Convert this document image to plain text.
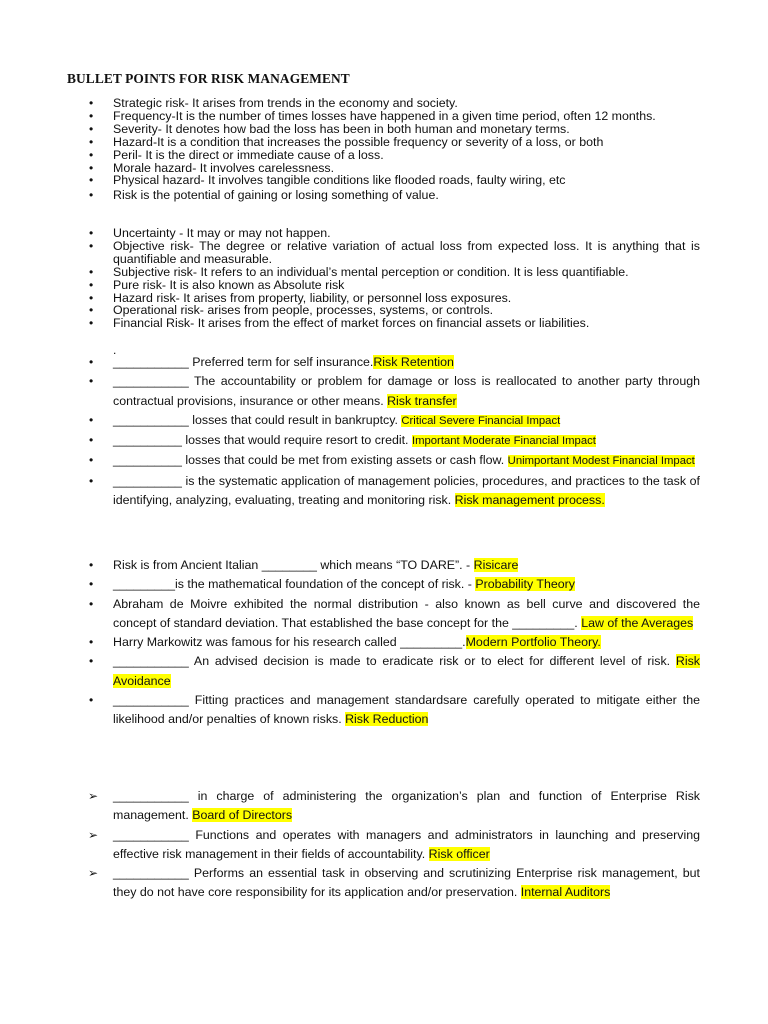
BULLET POINTS FOR RISK MANAGEMENT
• Strategic risk- It arises from trends in the economy and society.
• Frequency-It is the number of times losses have happened in a given time period, often 12 months.
• Severity- It denotes how bad the loss has been in both human and monetary terms.
• Hazard-It is a condition that increases the possible frequency or severity of a loss, or both
• Peril- It is the direct or immediate cause of a loss.
• Morale hazard- It involves carelessness.
• Physical hazard- It involves tangible conditions like flooded roads, faulty wiring, etc
• Risk is the potential of gaining or losing something of value.
• Uncertainty - It may or may not happen.
• Objective risk- The degree or relative variation of actual loss from expected loss. It is anything that is quantifiable and measurable.
• Subjective risk- It refers to an individual’s mental perception or condition. It is less quantifiable.
• Pure risk- It is also known as Absolute risk
• Hazard risk- It arises from property, liability, or personnel loss exposures.
• Operational risk- arises from people, processes, systems, or controls.
• Financial Risk- It arises from the effect of market forces on financial assets or liabilities.
.
• ___________ Preferred term for self insurance.Risk Retention
• ___________ The accountability or problem for damage or loss is reallocated to another party through contractual provisions, insurance or other means. Risk transfer
• ___________ losses that could result in bankruptcy. Critical Severe Financial Impact
• __________ losses that would require resort to credit. Important Moderate Financial Impact
• __________ losses that could be met from existing assets or cash flow. Unimportant Modest Financial Impact
• __________ is the systematic application of management policies, procedures, and practices to the task of identifying, analyzing, evaluating, treating and monitoring risk. Risk management process.
• Risk is from Ancient Italian ________ which means “TO DARE”. - Risicare
• _________is the mathematical foundation of the concept of risk. - Probability Theory
• Abraham de Moivre exhibited the normal distribution - also known as bell curve and discovered the concept of standard deviation. That established the base concept for the _________. Law of the Averages
• Harry Markowitz was famous for his research called _________.Modern Portfolio Theory.
• ___________ An advised decision is made to eradicate risk or to elect for different level of risk. Risk Avoidance
• ___________ Fitting practices and management standardsare carefully operated to mitigate either the likelihood and/or penalties of known risks. Risk Reduction
➢ ___________ in charge of administering the organization’s plan and function of Enterprise Risk management. Board of Directors
➢ ___________ Functions and operates with managers and administrators in launching and preserving effective risk management in their fields of accountability. Risk officer
➢ ___________ Performs an essential task in observing and scrutinizing Enterprise risk management, but they do not have core responsibility for its application and/or preservation. Internal Auditors
